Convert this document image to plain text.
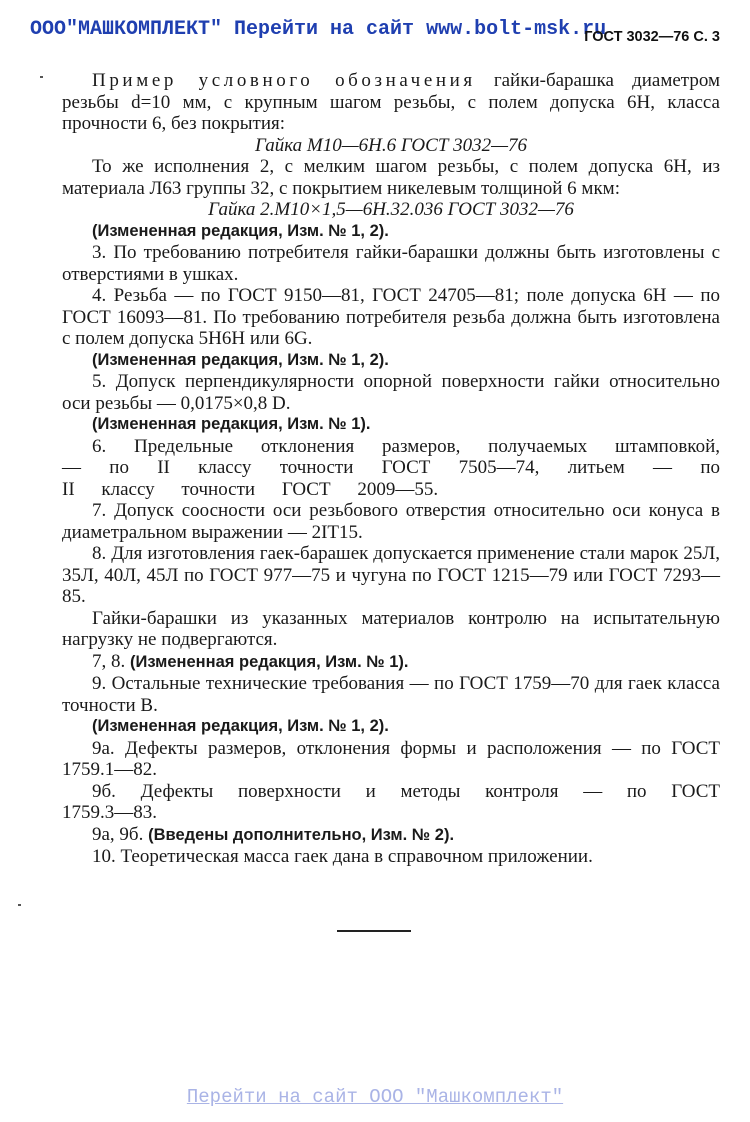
ООО"МАШКОМПЛЕКТ" Перейти на сайт www.bolt-msk.ru
ГОСТ 3032—76 С. 3

Пример условного обозначения гайки-барашка диаметром резьбы d=10 мм, с крупным шагом резьбы, с полем допуска 6H, класса прочности 6, без покрытия:

Гайка М10—6Н.6 ГОСТ 3032—76

То же исполнения 2, с мелким шагом резьбы, с полем допуска 6H, из материала Л63 группы 32, с покрытием никелевым толщиной 6 мкм:

Гайка 2.М10×1,5—6Н.32.036 ГОСТ 3032—76

(Измененная редакция, Изм. № 1, 2).

3. По требованию потребителя гайки-барашки должны быть изготовлены с отверстиями в ушках.

4. Резьба — по ГОСТ 9150—81, ГОСТ 24705—81; поле допуска 6H — по ГОСТ 16093—81. По требованию потребителя резьба должна быть изготовлена с полем допуска 5H6H или 6G.

(Измененная редакция, Изм. № 1, 2).

5. Допуск перпендикулярности опорной поверхности гайки относительно оси резьбы — 0,0175×0,8 D.

(Измененная редакция, Изм. № 1).

6. Предельные отклонения размеров, получаемых штамповкой, — по II классу точности ГОСТ 7505—74, литьем — по II классу точности ГОСТ 2009—55.

7. Допуск соосности оси резьбового отверстия относительно оси конуса в диаметральном выражении — 2IT15.

8. Для изготовления гаек-барашек допускается применение стали марок 25Л, 35Л, 40Л, 45Л по ГОСТ 977—75 и чугуна по ГОСТ 1215—79 или ГОСТ 7293—85.

Гайки-барашки из указанных материалов контролю на испытательную нагрузку не подвергаются.

7, 8. (Измененная редакция, Изм. № 1).

9. Остальные технические требования — по ГОСТ 1759—70 для гаек класса точности B.

(Измененная редакция, Изм. № 1, 2).

9а. Дефекты размеров, отклонения формы и расположения — по ГОСТ 1759.1—82.

9б. Дефекты поверхности и методы контроля — по ГОСТ 1759.3—83.

9а, 9б. (Введены дополнительно, Изм. № 2).

10. Теоретическая масса гаек дана в справочном приложении.

Перейти на сайт ООО "Машкомплект"
